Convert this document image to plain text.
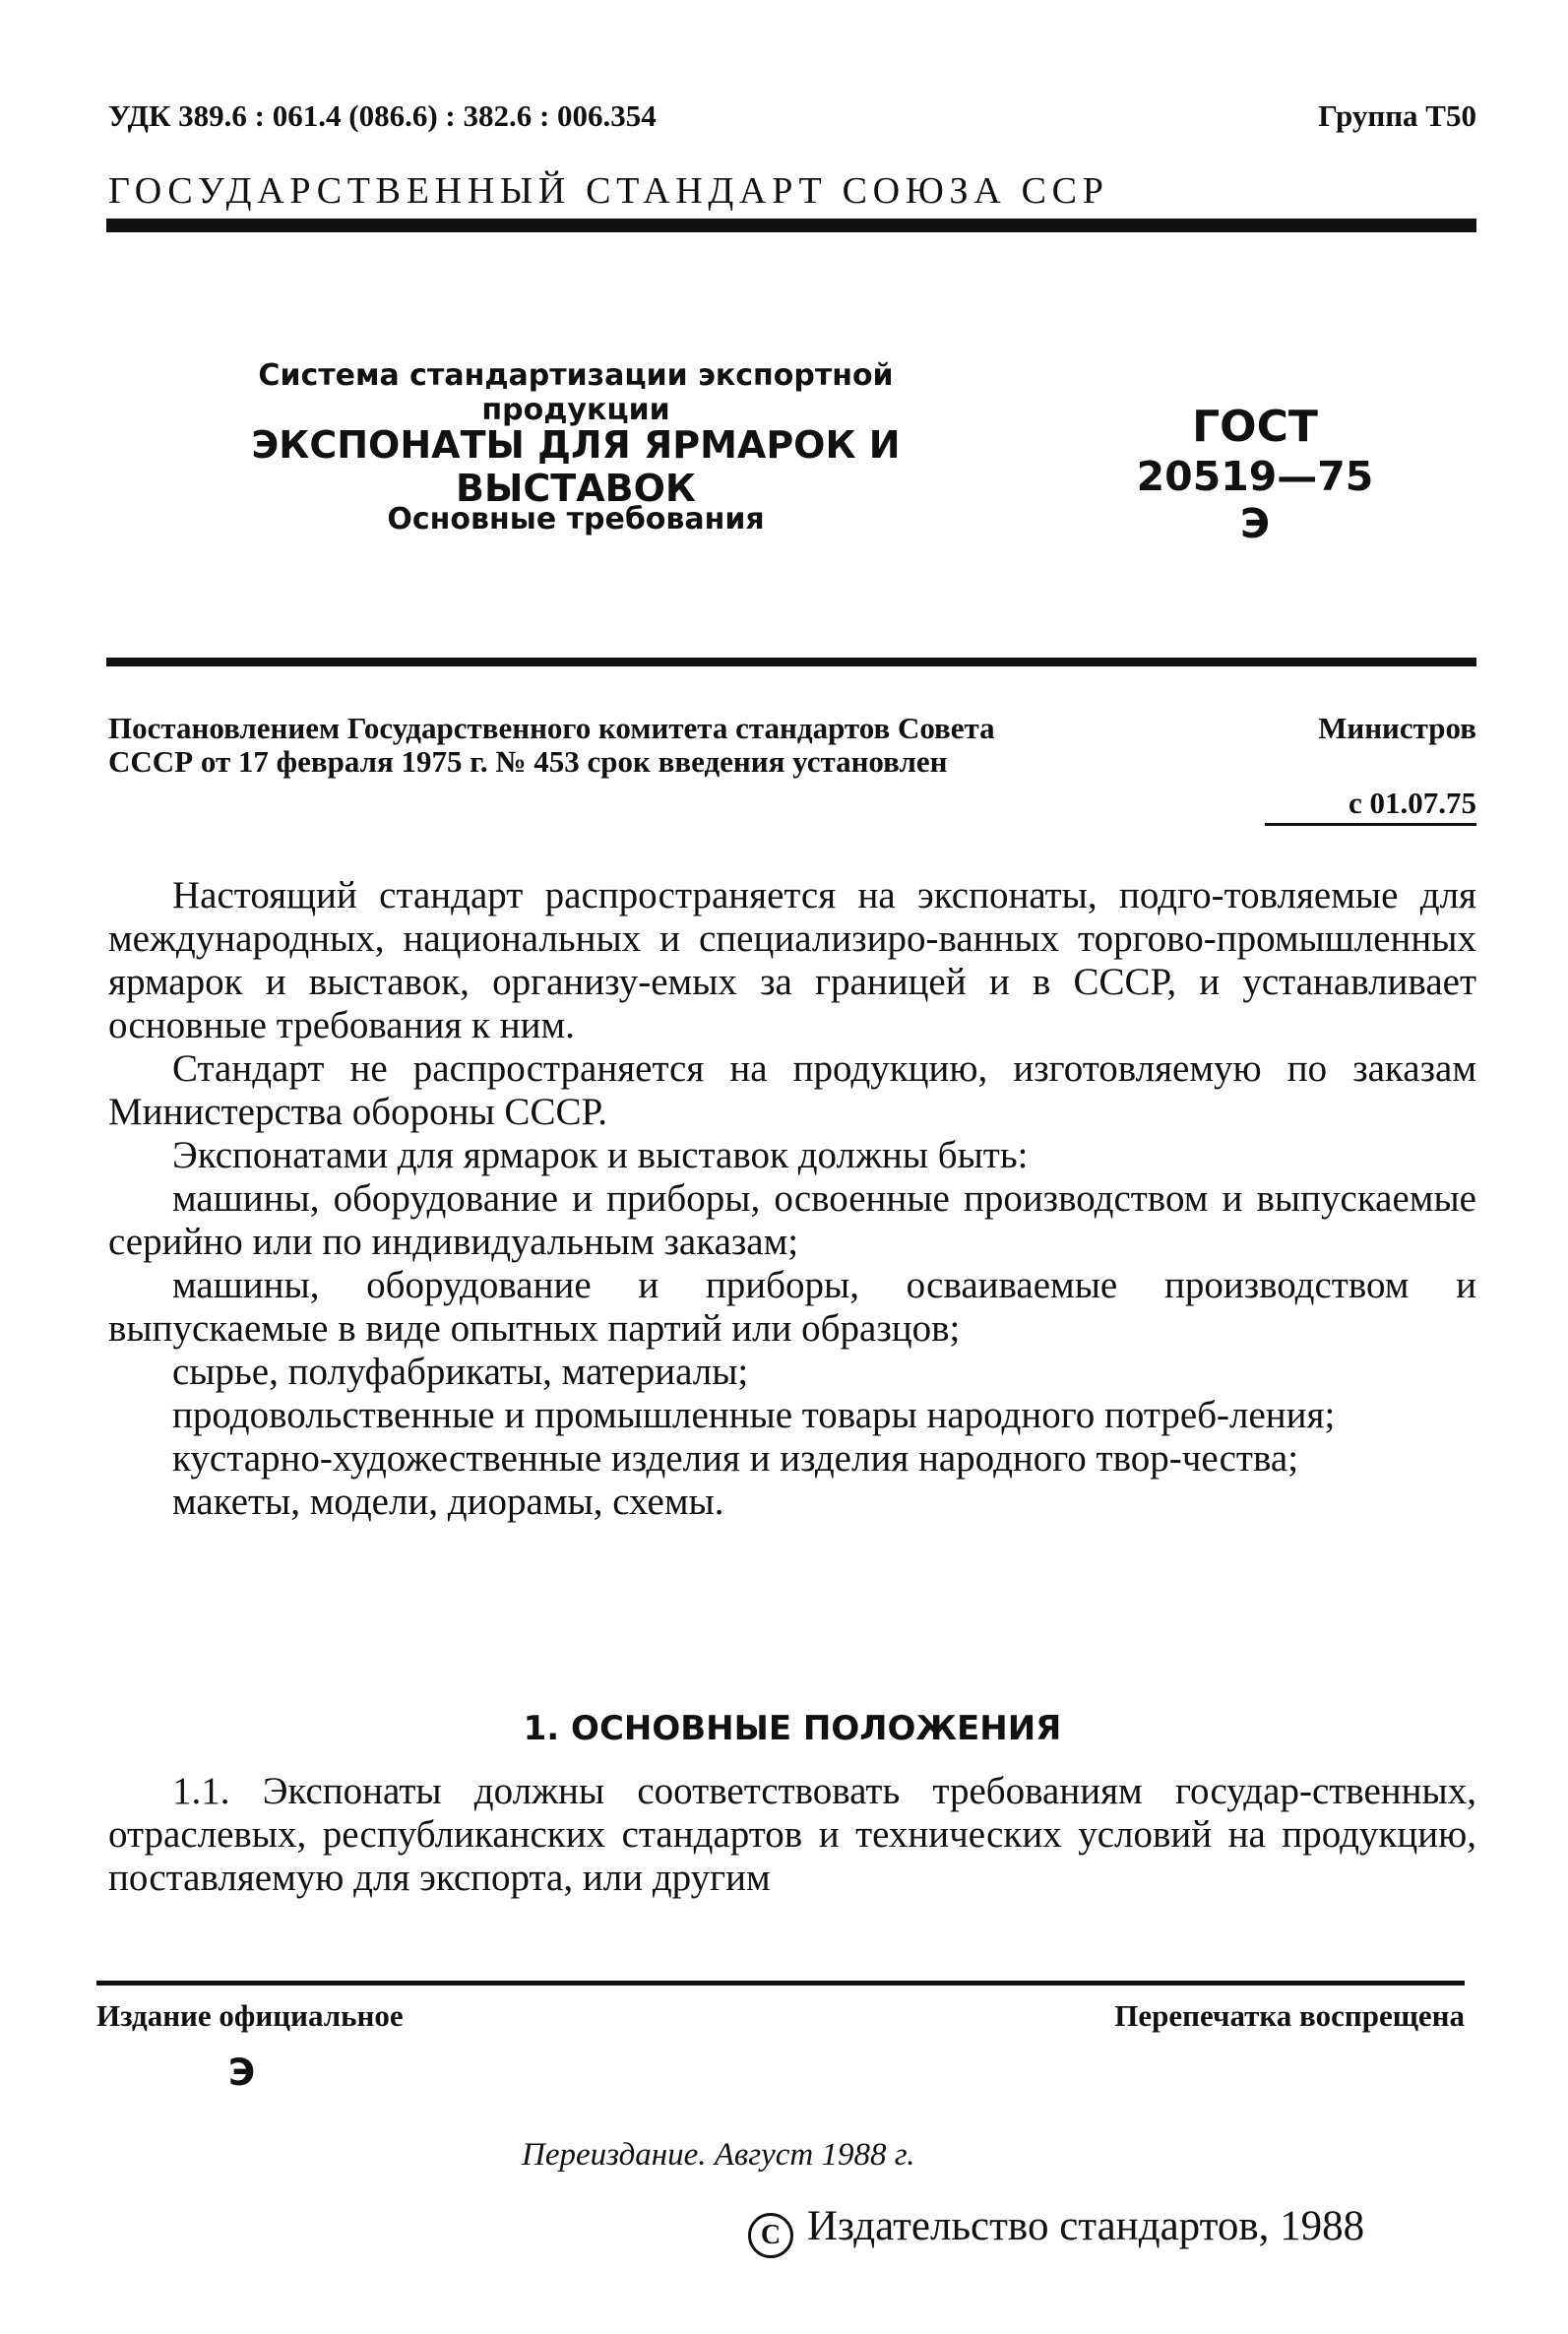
УДК 389.6 : 061.4 (086.6) : 382.6 : 006.354	Группа Т50
ГОСУДАРСТВЕННЫЙ СТАНДАРТ СОЮЗА ССР
Система стандартизации экспортной продукции
ЭКСПОНАТЫ ДЛЯ ЯРМАРОК И ВЫСТАВОК
Основные требования
ГОСТ
20519—75 Э
Постановлением Государственного комитета стандартов Совета	Министров
СССР от 17 февраля 1975 г. № 453 срок введения установлен
с 01.07.75

Настоящий стандарт распространяется на экспонаты, подго-товляемые для международных, национальных и специализиро-ванных торгово-промышленных ярмарок и выставок, организу-емых за границей и в СССР, и устанавливает основные требования к ним.

Стандарт не распространяется на продукцию, изготовляемую по заказам Министерства обороны СССР.

Экспонатами для ярмарок и выставок должны быть:

машины, оборудование и приборы, освоенные производством и выпускаемые серийно или по индивидуальным заказам;

машины, оборудование и приборы, осваиваемые производством и выпускаемые в виде опытных партий или образцов;

сырье, полуфабрикаты, материалы;

продовольственные и промышленные товары народного потреб-ления;

кустарно-художественные изделия и изделия народного твор-чества;

макеты, модели, диорамы, схемы.

1. ОСНОВНЫЕ ПОЛОЖЕНИЯ

1.1. Экспонаты должны соответствовать требованиям государ-ственных, отраслевых, республиканских стандартов и технических условий на продукцию, поставляемую для экспорта, или другим

Издание официальное	Перепечатка воспрещена
Э
Переиздание. Август 1988 г.
C Издательство стандартов, 1988
